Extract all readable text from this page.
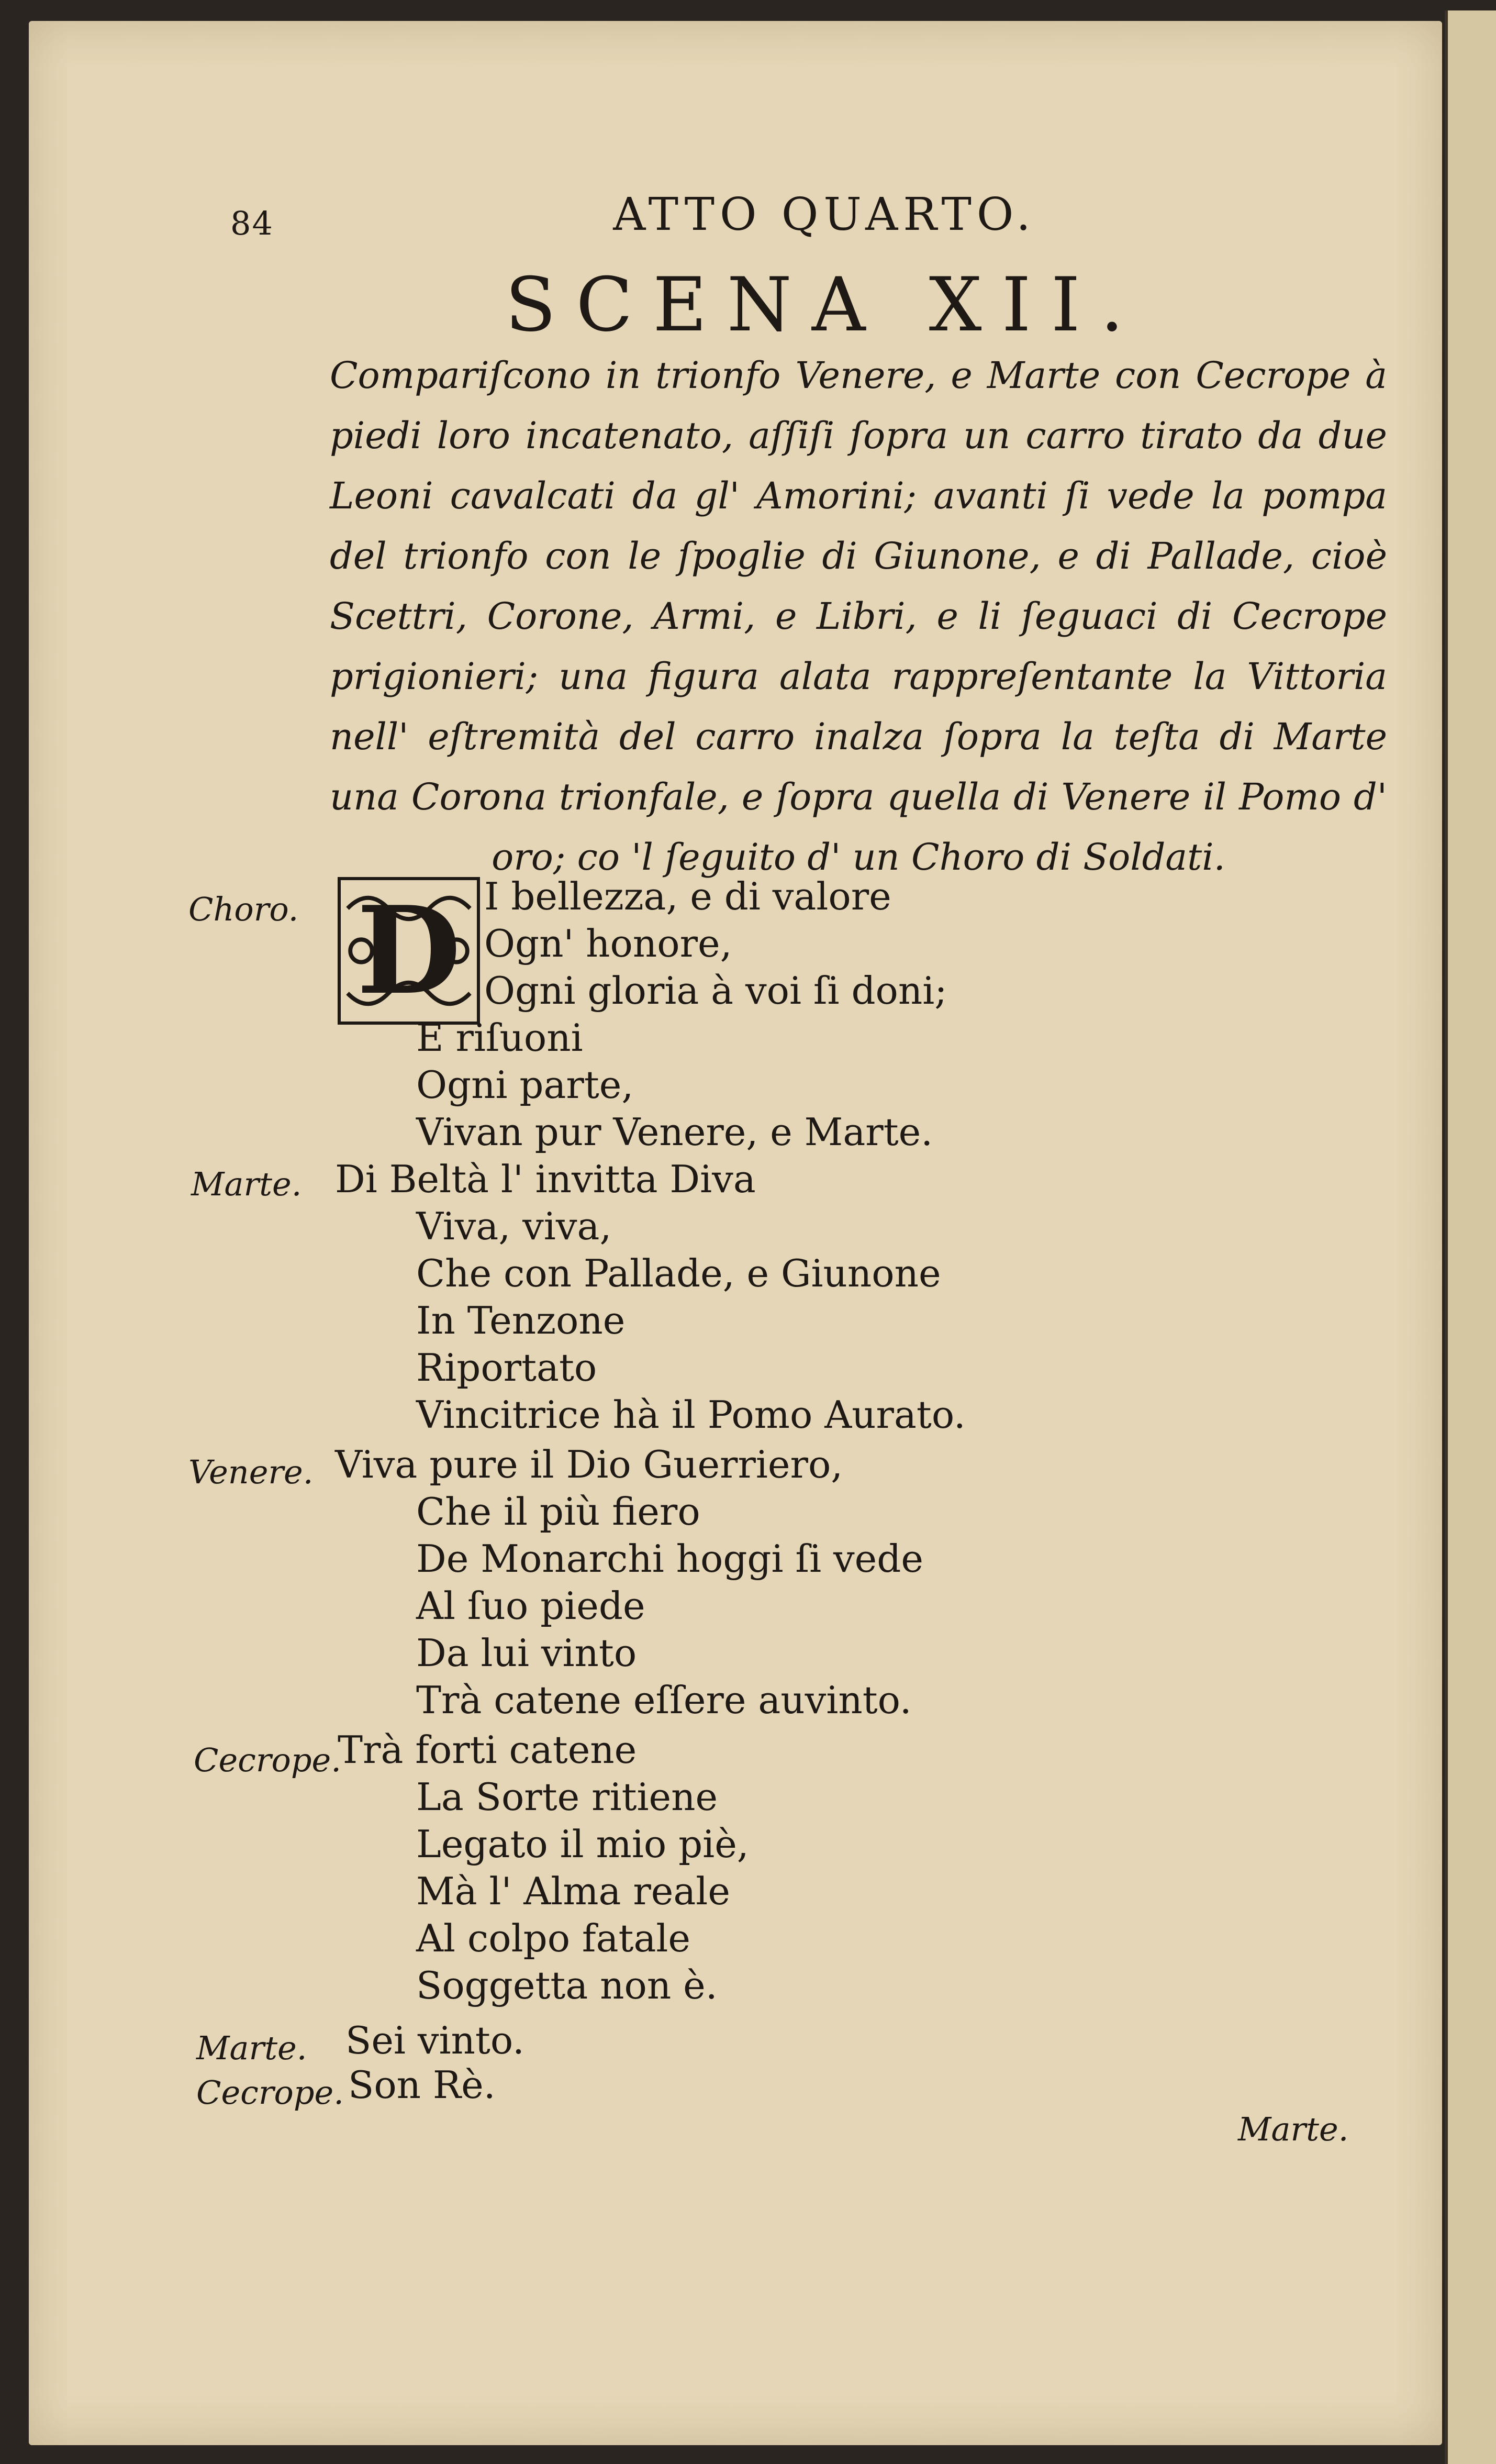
84	ATTO QUARTO.
SCENA XII.
Compariſcono in trionfo Venere, e Marte con Cecrope à piedi loro incatenato, aſſiſi ſopra un carro tirato da due Leoni cavalcati da gl' Amorini; avanti ſi vede la pompa del trionfo con le ſpoglie di Giunone, e di Pallade, cioè Scettri, Corone, Armi, e Libri, e li ſeguaci di Cecrope prigionieri; una figura alata rappreſentante la Vittoria nell' eſtremità del carro inalza ſopra la teſta di Marte una Corona trionfale, e ſopra quella di Venere il Pomo d' oro; co 'l ſeguito d' un Choro di Soldati.
Choro. D I bellezza, e di valore
Ogn' honore,
Ogni gloria à voi ſi doni;
E riſuoni
Ogni parte,
Vivan pur Venere, e Marte.
Marte. Di Beltà l' invitta Diva
Viva, viva,
Che con Pallade, e Giunone
In Tenzone
Riportato
Vincitrice hà il Pomo Aurato.
Venere. Viva pure il Dio Guerriero,
Che il più fiero
De Monarchi hoggi ſi vede
Al ſuo piede
Da lui vinto
Trà catene eſſere auvinto.
Cecrope.
Trà forti catene
La Sorte ritiene
Legato il mio piè,
Mà l' Alma reale
Al colpo fatale
Soggetta non è.
Marte. Sei vinto.
Cecrope. Son Rè.
Marte.
